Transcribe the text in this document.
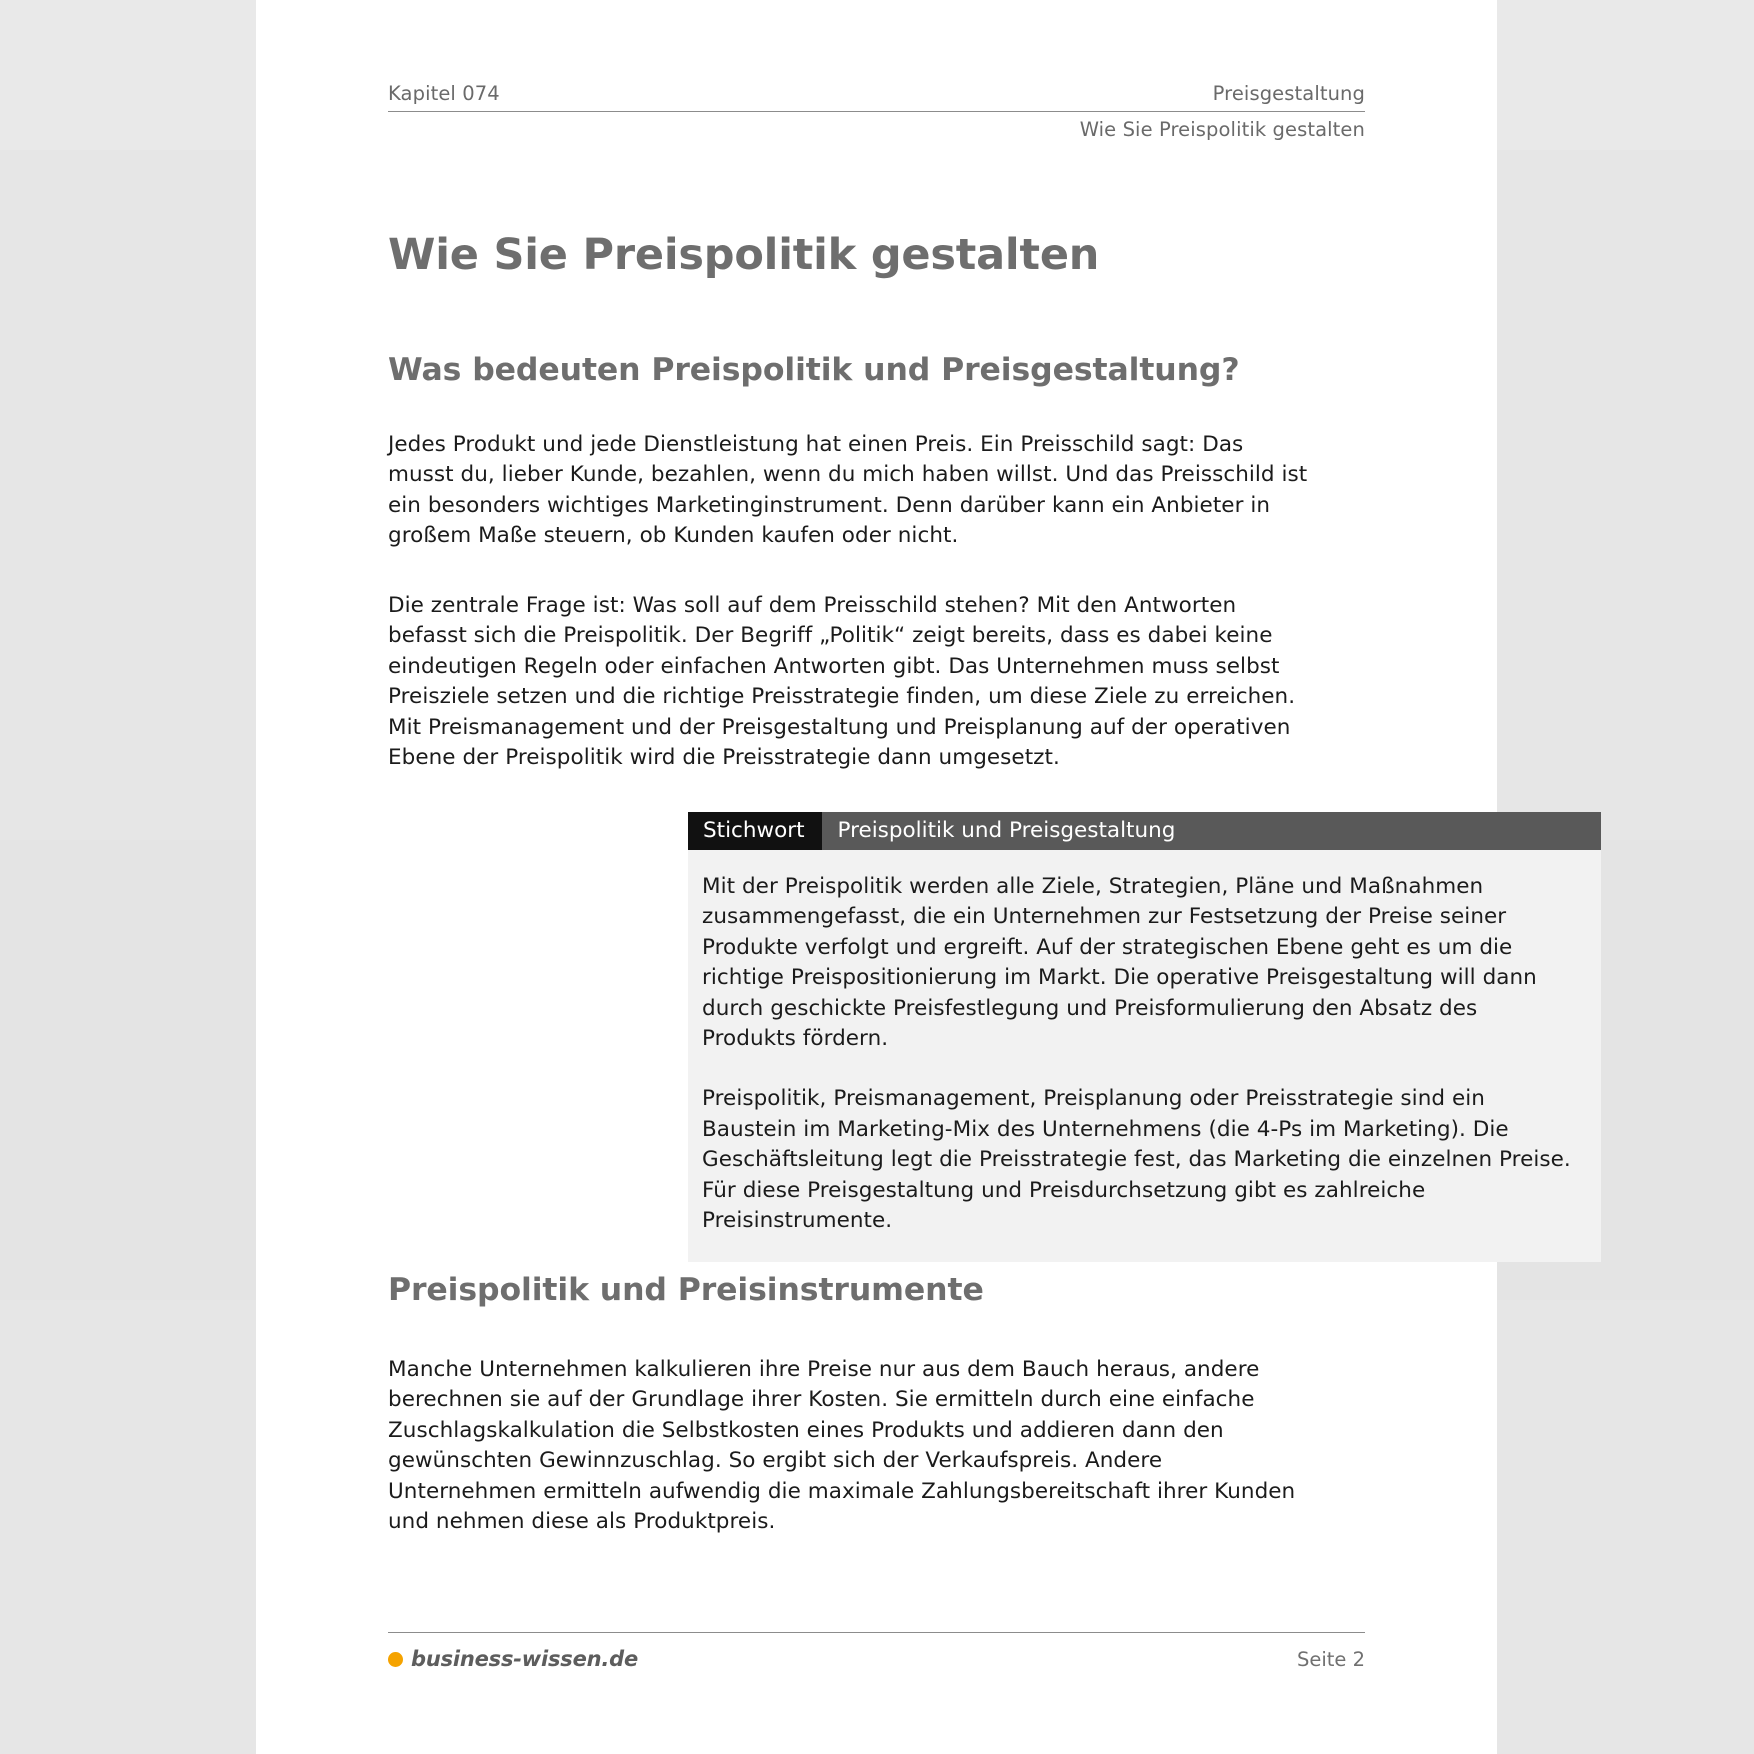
Kapitel 074	Preisgestaltung
Wie Sie Preispolitik gestalten
Wie Sie Preispolitik gestalten
Was bedeuten Preispolitik und Preisgestaltung?

Jedes Produkt und jede Dienstleistung hat einen Preis. Ein Preisschild sagt: Das musst du, lieber Kunde, bezahlen, wenn du mich haben willst. Und das Preisschild ist ein besonders wichtiges Marketinginstrument. Denn darüber kann ein Anbieter in großem Maße steuern, ob Kunden kaufen oder nicht.

Die zentrale Frage ist: Was soll auf dem Preisschild stehen? Mit den Antworten befasst sich die Preispolitik. Der Begriff „Politik“ zeigt bereits, dass es dabei keine eindeutigen Regeln oder einfachen Antworten gibt. Das Unternehmen muss selbst Preisziele setzen und die richtige Preisstrategie finden, um diese Ziele zu erreichen. Mit Preismanagement und der Preisgestaltung und Preisplanung auf der operativen Ebene der Preispolitik wird die Preisstrategie dann umgesetzt.

Stichwort	Preispolitik und Preisgestaltung

Mit der Preispolitik werden alle Ziele, Strategien, Pläne und Maßnahmen zusammengefasst, die ein Unternehmen zur Festsetzung der Preise seiner Produkte verfolgt und ergreift. Auf der strategischen Ebene geht es um die richtige Preispositionierung im Markt. Die operative Preisgestaltung will dann durch geschickte Preisfestlegung und Preisformulierung den Absatz des Produkts fördern.

Preispolitik, Preismanagement, Preisplanung oder Preisstrategie sind ein Baustein im Marketing-Mix des Unternehmens (die 4-Ps im Marketing). Die Geschäftsleitung legt die Preisstrategie fest, das Marketing die einzelnen Preise. Für diese Preisgestaltung und Preisdurchsetzung gibt es zahlreiche Preisinstrumente.

Preispolitik und Preisinstrumente

Manche Unternehmen kalkulieren ihre Preise nur aus dem Bauch heraus, andere berechnen sie auf der Grundlage ihrer Kosten. Sie ermitteln durch eine einfache Zuschlagskalkulation die Selbstkosten eines Produkts und addieren dann den gewünschten Gewinnzuschlag. So ergibt sich der Verkaufspreis. Andere Unternehmen ermitteln aufwendig die maximale Zahlungsbereitschaft ihrer Kunden und nehmen diese als Produktpreis.

business-wissen.de	Seite 2
